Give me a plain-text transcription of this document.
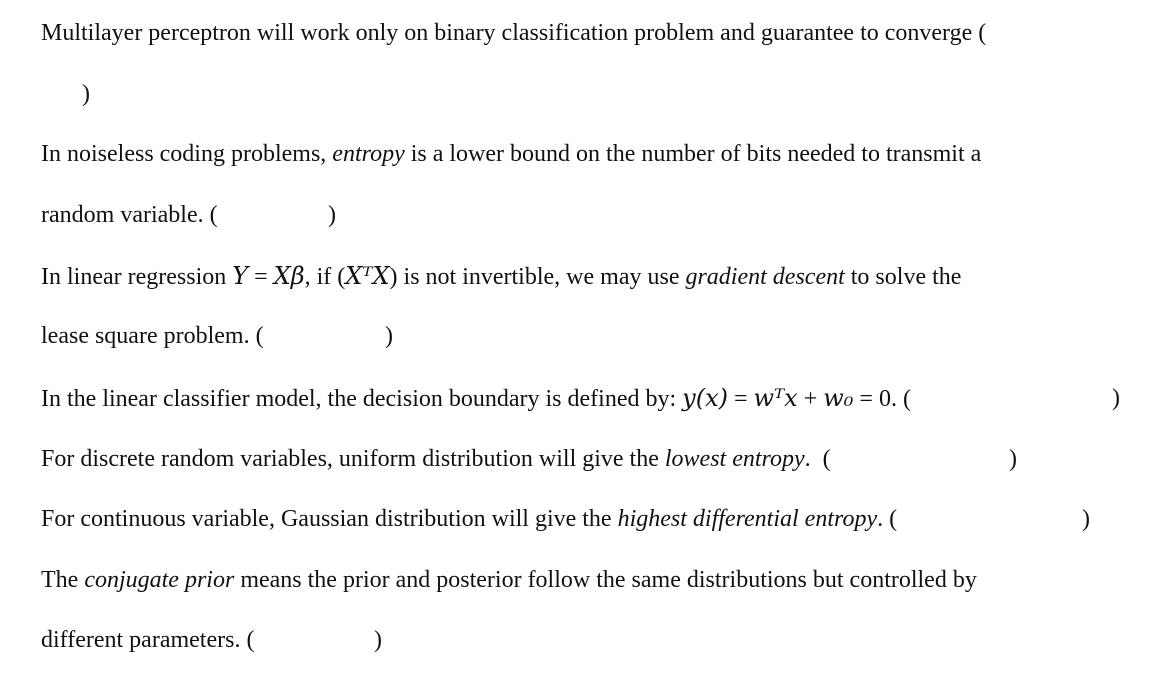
Multilayer perceptron will work only on binary classification problem and guarantee to converge (
)
In noiseless coding problems, entropy is a lower bound on the number of bits needed to transmit a
random variable. (	)
In linear regression Y = Xβ, if (XᵀX) is not invertible, we may use gradient descent to solve the
lease square problem. (	)
In the linear classifier model, the decision boundary is defined by: y(x) = wᵀx + w₀ = 0. (	)
For discrete random variables, uniform distribution will give the lowest entropy.  (	)
For continuous variable, Gaussian distribution will give the highest differential entropy. (	)
The conjugate prior means the prior and posterior follow the same distributions but controlled by
different parameters. (	)
